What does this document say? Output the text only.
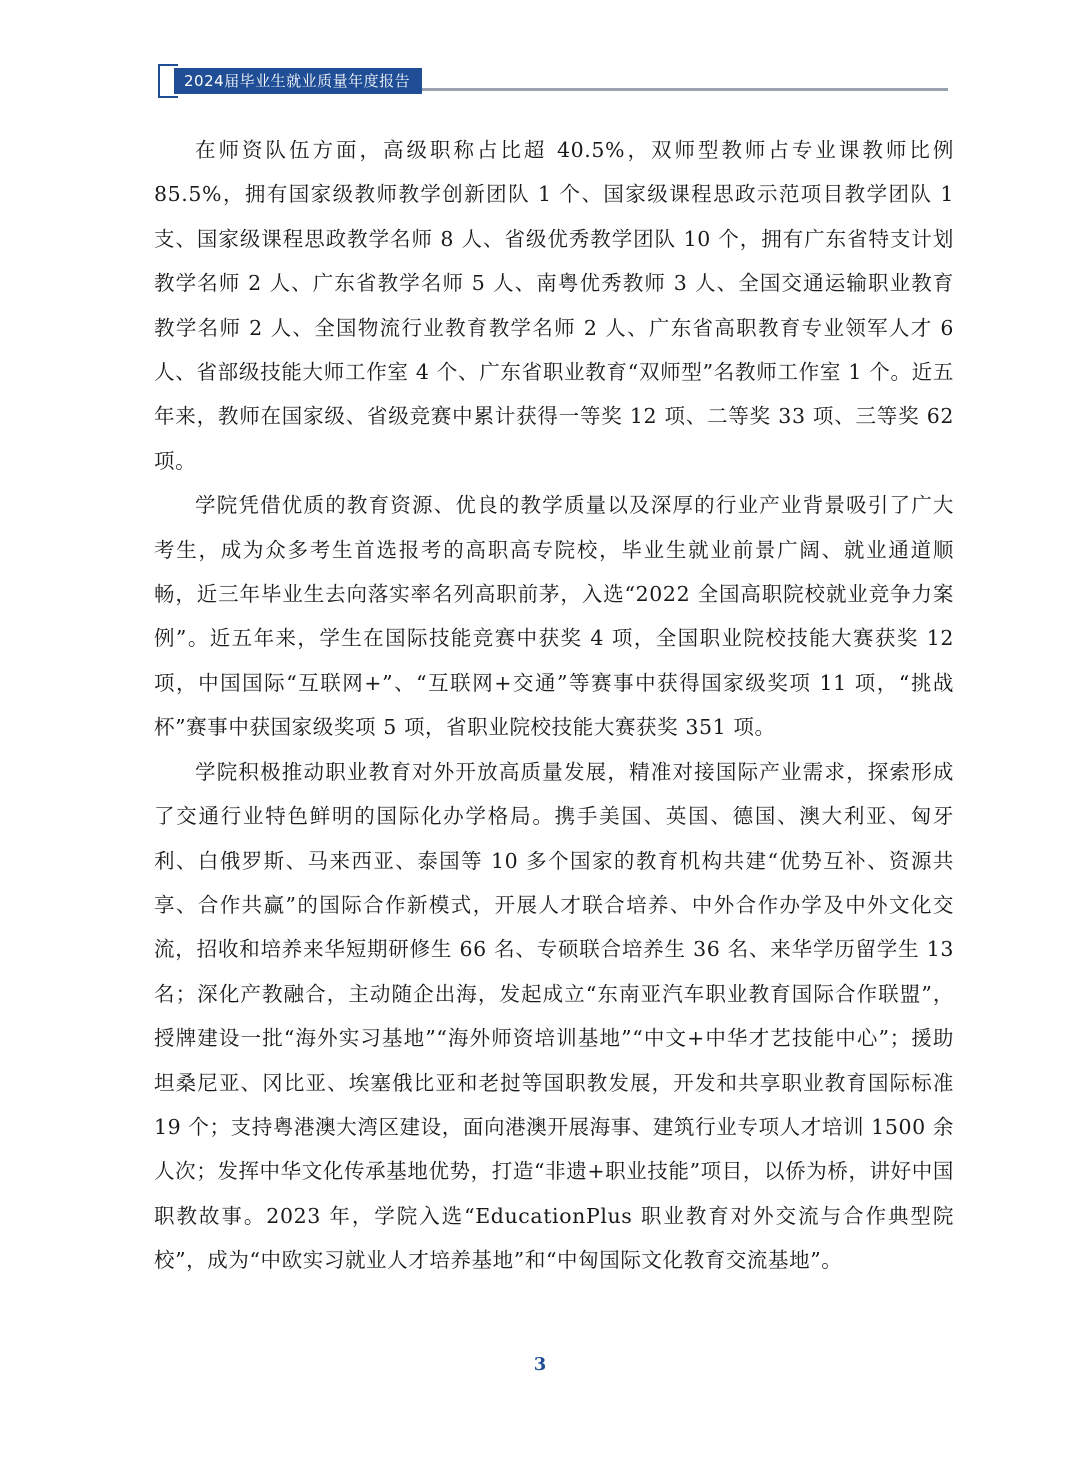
2024届毕业生就业质量年度报告

在师资队伍方面，高级职称占比超 40.5%，双师型教师占专业课教师比例 85.5%，拥有国家级教师教学创新团队 1 个、国家级课程思政示范项目教学团队 1 支、国家级课程思政教学名师 8 人、省级优秀教学团队 10 个，拥有广东省特支计划教学名师 2 人、广东省教学名师 5 人、南粤优秀教师 3 人、全国交通运输职业教育教学名师 2 人、全国物流行业教育教学名师 2 人、广东省高职教育专业领军人才 6 人、省部级技能大师工作室 4 个、广东省职业教育“双师型”名教师工作室 1 个。近五年来，教师在国家级、省级竞赛中累计获得一等奖 12 项、二等奖 33 项、三等奖 62 项。

学院凭借优质的教育资源、优良的教学质量以及深厚的行业产业背景吸引了广大考生，成为众多考生首选报考的高职高专院校，毕业生就业前景广阔、就业通道顺畅，近三年毕业生去向落实率名列高职前茅，入选“2022 全国高职院校就业竞争力案例”。近五年来，学生在国际技能竞赛中获奖 4 项，全国职业院校技能大赛获奖 12 项，中国国际“互联网+”、“互联网+交通”等赛事中获得国家级奖项 11 项，“挑战杯”赛事中获国家级奖项 5 项，省职业院校技能大赛获奖 351 项。

学院积极推动职业教育对外开放高质量发展，精准对接国际产业需求，探索形成了交通行业特色鲜明的国际化办学格局。携手美国、英国、德国、澳大利亚、匈牙利、白俄罗斯、马来西亚、泰国等 10 多个国家的教育机构共建“优势互补、资源共享、合作共赢”的国际合作新模式，开展人才联合培养、中外合作办学及中外文化交流，招收和培养来华短期研修生 66 名、专硕联合培养生 36 名、来华学历留学生 13 名；深化产教融合，主动随企出海，发起成立“东南亚汽车职业教育国际合作联盟”，授牌建设一批“海外实习基地”“海外师资培训基地”“中文+中华才艺技能中心”；援助坦桑尼亚、冈比亚、埃塞俄比亚和老挝等国职教发展，开发和共享职业教育国际标准 19 个；支持粤港澳大湾区建设，面向港澳开展海事、建筑行业专项人才培训 1500 余人次；发挥中华文化传承基地优势，打造“非遗+职业技能”项目，以侨为桥，讲好中国职教故事。2023 年，学院入选“EducationPlus 职业教育对外交流与合作典型院校”，成为“中欧实习就业人才培养基地”和“中匈国际文化教育交流基地”。

3
